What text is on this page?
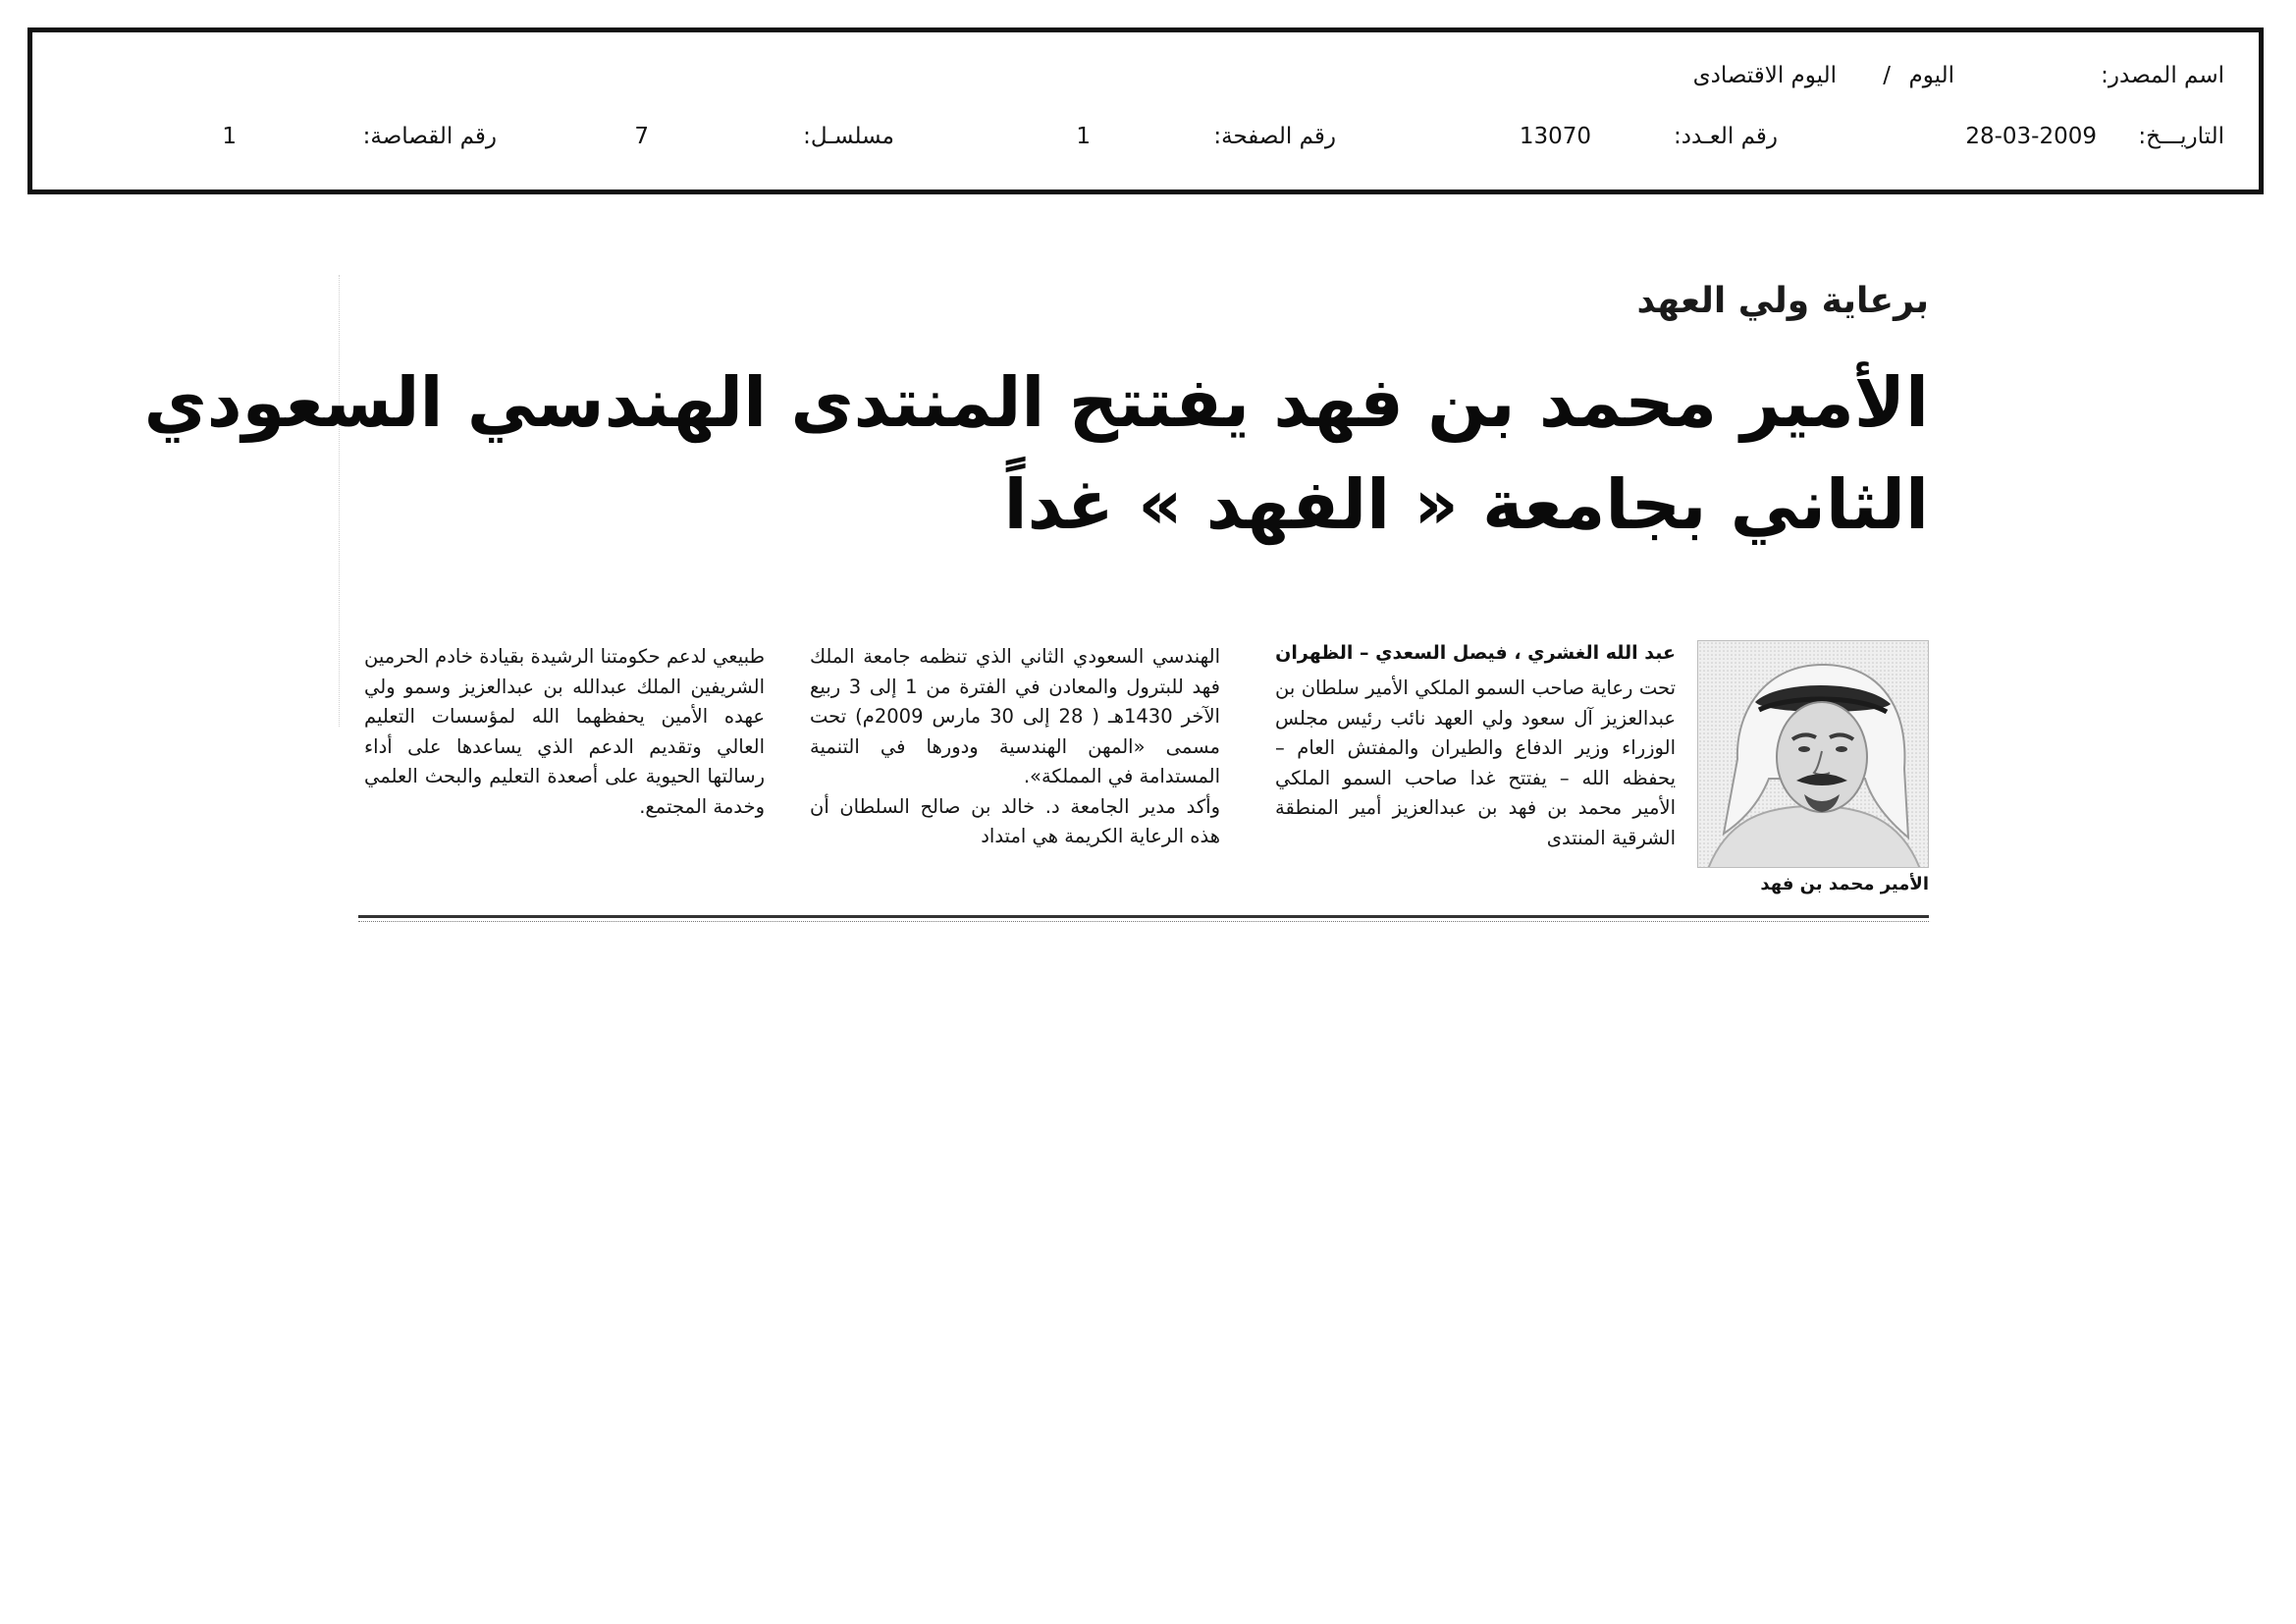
اسم المصدر:
اليوم
/
اليوم الاقتصادى
التاريـــخ:
28-03-2009
رقم العـدد:
13070
رقم الصفحة:
1
مسلسـل:
7
رقم القصاصة:
1
برعاية ولي العهد
الأمير محمد بن فهد يفتتح المنتدى الهندسي السعودي
الثاني بجامعة « الفهد » غداً
الأمير محمد بن فهد
عبد الله الغشري ، فيصل السعدي – الظهران

تحت رعاية صاحب السمو الملكي الأمير سلطان بن عبدالعزيز آل سعود ولي العهد نائب رئيس مجلس الوزراء وزير الدفاع والطيران والمفتش العام – يحفظه الله – يفتتح غدا صاحب السمو الملكي الأمير محمد بن فهد بن عبدالعزيز أمير المنطقة الشرقية المنتدى

الهندسي السعودي الثاني الذي تنظمه جامعة الملك فهد للبترول والمعادن في الفترة من 1 إلى 3 ربيع الآخر 1430هـ ( 28 إلى 30 مارس 2009م) تحت مسمى «المهن الهندسية ودورها في التنمية المستدامة في المملكة».

وأكد مدير الجامعة د. خالد بن صالح السلطان أن هذه الرعاية الكريمة هي امتداد

طبيعي لدعم حكومتنا الرشيدة بقيادة خادم الحرمين الشريفين الملك عبدالله بن عبدالعزيز وسمو ولي عهده الأمين يحفظهما الله لمؤسسات التعليم العالي وتقديم الدعم الذي يساعدها على أداء رسالتها الحيوية على أصعدة التعليم والبحث العلمي وخدمة المجتمع.
